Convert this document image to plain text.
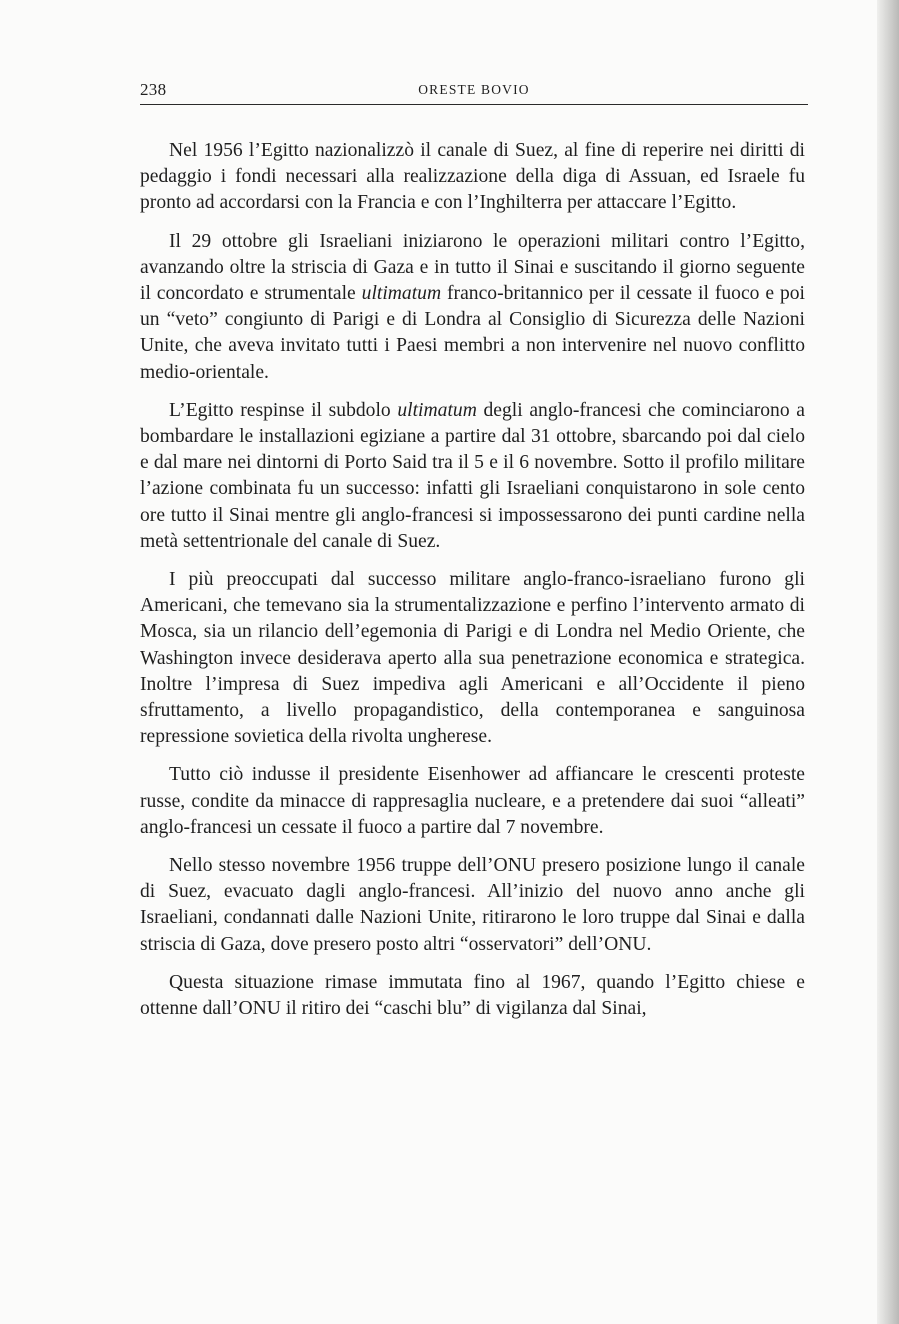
238	ORESTE BOVIO

Nel 1956 l’Egitto nazionalizzò il canale di Suez, al fine di reperire nei diritti di pedaggio i fondi necessari alla realizzazione della diga di Assuan, ed Israele fu pronto ad accordarsi con la Francia e con l’Inghilterra per attaccare l’Egitto.

Il 29 ottobre gli Israeliani iniziarono le operazioni militari contro l’Egitto, avanzando oltre la striscia di Gaza e in tutto il Sinai e suscitando il giorno seguente il concordato e strumentale ultimatum franco-britannico per il cessate il fuoco e poi un “veto” congiunto di Parigi e di Londra al Consiglio di Sicurezza delle Nazioni Unite, che aveva invitato tutti i Paesi membri a non intervenire nel nuovo conflitto medio-orientale.

L’Egitto respinse il subdolo ultimatum degli anglo-francesi che cominciarono a bombardare le installazioni egiziane a partire dal 31 ottobre, sbarcando poi dal cielo e dal mare nei dintorni di Porto Said tra il 5 e il 6 novembre. Sotto il profilo militare l’azione combinata fu un successo: infatti gli Israeliani conquistarono in sole cento ore tutto il Sinai mentre gli anglo-francesi si impossessarono dei punti cardine nella metà settentrionale del canale di Suez.

I più preoccupati dal successo militare anglo-franco-israeliano furono gli Americani, che temevano sia la strumentalizzazione e perfino l’intervento armato di Mosca, sia un rilancio dell’egemonia di Parigi e di Londra nel Medio Oriente, che Washington invece desiderava aperto alla sua penetrazione economica e strategica. Inoltre l’impresa di Suez impediva agli Americani e all’Occidente il pieno sfruttamento, a livello propagandistico, della contemporanea e sanguinosa repressione sovietica della rivolta ungherese.

Tutto ciò indusse il presidente Eisenhower ad affiancare le crescenti proteste russe, condite da minacce di rappresaglia nucleare, e a pretendere dai suoi “alleati” anglo-francesi un cessate il fuoco a partire dal 7 novembre.

Nello stesso novembre 1956 truppe dell’ONU presero posizione lungo il canale di Suez, evacuato dagli anglo-francesi. All’inizio del nuovo anno anche gli Israeliani, condannati dalle Nazioni Unite, ritirarono le loro truppe dal Sinai e dalla striscia di Gaza, dove presero posto altri “osservatori” dell’ONU.

Questa situazione rimase immutata fino al 1967, quando l’Egitto chiese e ottenne dall’ONU il ritiro dei “caschi blu” di vigilanza dal Sinai,
